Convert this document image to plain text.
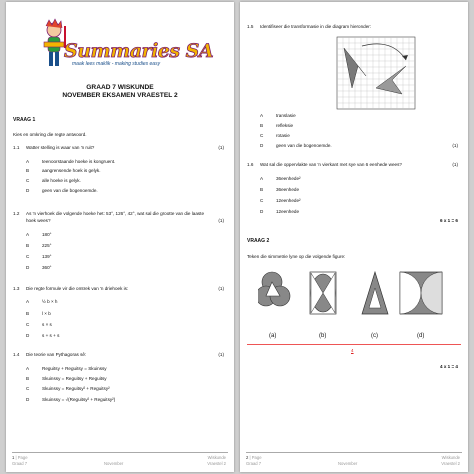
Summaries SA
maak lees maklik - making studies easy
GRAAD 7 WISKUNDE
NOVEMBER EKSAMEN VRAESTEL 2
VRAAG 1
Kies en omkring die regte antwoord.
1.1 Watter stelling is waar van 'n ruit?	(1)
A	teenoorstaande hoeke is kongruent.
B	aangrensende hoek is gelyk.
C	alle hoeke is gelyk.
D	geen van die bogenoemde.
1.2 As 'n vierhoek die volgende hoeke het: 53°, 126°, 42°, wat sal die grootte van die laaste
hoek wees?	(1)
A	180°
B	225°
C	139°
D	360°
1.3 Die regte formule vir die omtrek van 'n driehoek is:	(1)
A	½ b × h
B	l × b
C	s × s
D	s + s + s
1.4 Die teorie van Pythagoras sê:	(1)
A	Reguitsy + Reguitsy = Skuinssy
B	Skuinssy = Reguitsy + Reguitsy
C	Skuinssy = Reguitsy² + Reguitsy²
D	Skuinssy = √(Reguitsy² + Reguitsy²)
1 | Page
Graad 7	November
Wiskunde
Vraestel 2
1.5 Identifiseer die transformasie in die diagram hieronder:
A	translasie
B	refleksie
C	rotasie
D	geen van die bogenoemde.	(1)
1.6 Wat sal die oppervlakte van 'n vierkant met sye van 6 eenhede wees?	(1)
A	36eenhede²
B	36eenhede
C	12eenhede²
D	12eenhede
6 x 1 = 6
VRAAG 2
Teken die simmetrie lyne op die volgende figure:
(a)	(b)	(c)	(d)
4
4 x 1 = 4
2 | Page
Graad 7	November
Wiskunde
Vraestel 2
